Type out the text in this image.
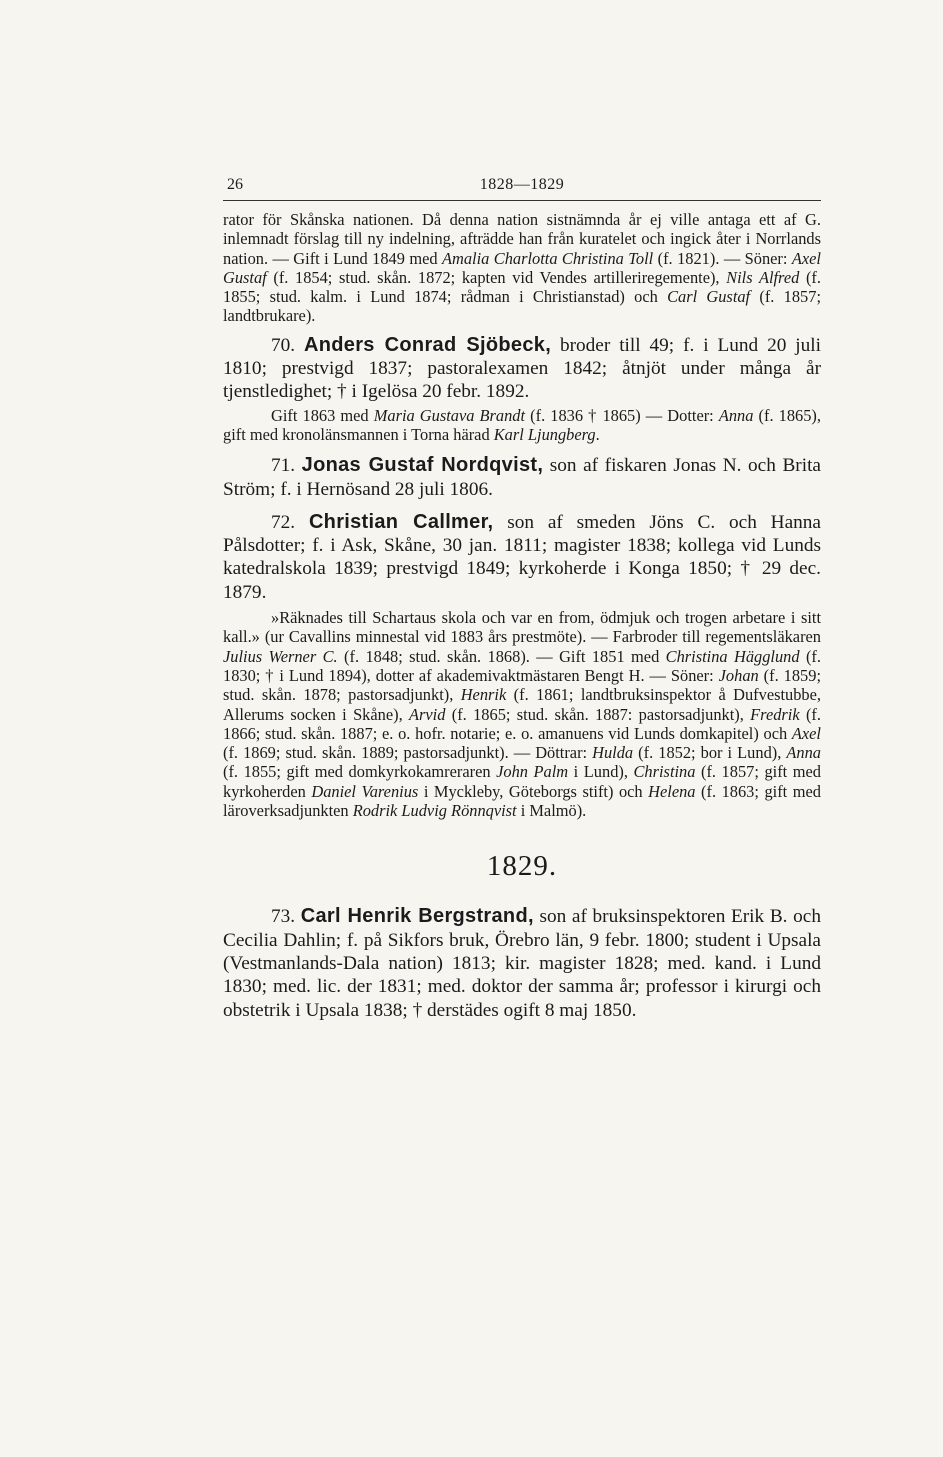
26	1828—1829

rator för Skånska nationen. Då denna nation sistnämnda år ej ville antaga ett af G. inlemnadt förslag till ny indelning, afträdde han från kuratelet och ingick åter i Norrlands nation. — Gift i Lund 1849 med Amalia Charlotta Christina Toll (f. 1821). — Söner: Axel Gustaf (f. 1854; stud. skån. 1872; kapten vid Vendes artilleriregemente), Nils Alfred (f. 1855; stud. kalm. i Lund 1874; rådman i Christianstad) och Carl Gustaf (f. 1857; landtbrukare).

70. Anders Conrad Sjöbeck, broder till 49; f. i Lund 20 juli 1810; prestvigd 1837; pastoralexamen 1842; åtnjöt under många år tjenstledighet; † i Igelösa 20 febr. 1892.

Gift 1863 med Maria Gustava Brandt (f. 1836 † 1865) — Dotter: Anna (f. 1865), gift med kronolänsmannen i Torna härad Karl Ljungberg.

71. Jonas Gustaf Nordqvist, son af fiskaren Jonas N. och Brita Ström; f. i Hernösand 28 juli 1806.

72. Christian Callmer, son af smeden Jöns C. och Hanna Pålsdotter; f. i Ask, Skåne, 30 jan. 1811; magister 1838; kollega vid Lunds katedralskola 1839; prestvigd 1849; kyrkoherde i Konga 1850; † 29 dec. 1879.

»Räknades till Schartaus skola och var en from, ödmjuk och trogen arbetare i sitt kall.» (ur Cavallins minnestal vid 1883 års prestmöte). — Farbroder till regementsläkaren Julius Werner C. (f. 1848; stud. skån. 1868). — Gift 1851 med Christina Hägglund (f. 1830; † i Lund 1894), dotter af akademivaktmästaren Bengt H. — Söner: Johan (f. 1859; stud. skån. 1878; pastorsadjunkt), Henrik (f. 1861; landtbruksinspektor å Dufvestubbe, Allerums socken i Skåne), Arvid (f. 1865; stud. skån. 1887: pastorsadjunkt), Fredrik (f. 1866; stud. skån. 1887; e. o. hofr. notarie; e. o. amanuens vid Lunds domkapitel) och Axel (f. 1869; stud. skån. 1889; pastorsadjunkt). — Döttrar: Hulda (f. 1852; bor i Lund), Anna (f. 1855; gift med domkyrkokamreraren John Palm i Lund), Christina (f. 1857; gift med kyrkoherden Daniel Varenius i Myckleby, Göteborgs stift) och Helena (f. 1863; gift med läroverksadjunkten Rodrik Ludvig Rönnqvist i Malmö).

1829.

73. Carl Henrik Bergstrand, son af bruksinspektoren Erik B. och Cecilia Dahlin; f. på Sikfors bruk, Örebro län, 9 febr. 1800; student i Upsala (Vestmanlands-Dala nation) 1813; kir. magister 1828; med. kand. i Lund 1830; med. lic. der 1831; med. doktor der samma år; professor i kirurgi och obstetrik i Upsala 1838; † derstädes ogift 8 maj 1850.
